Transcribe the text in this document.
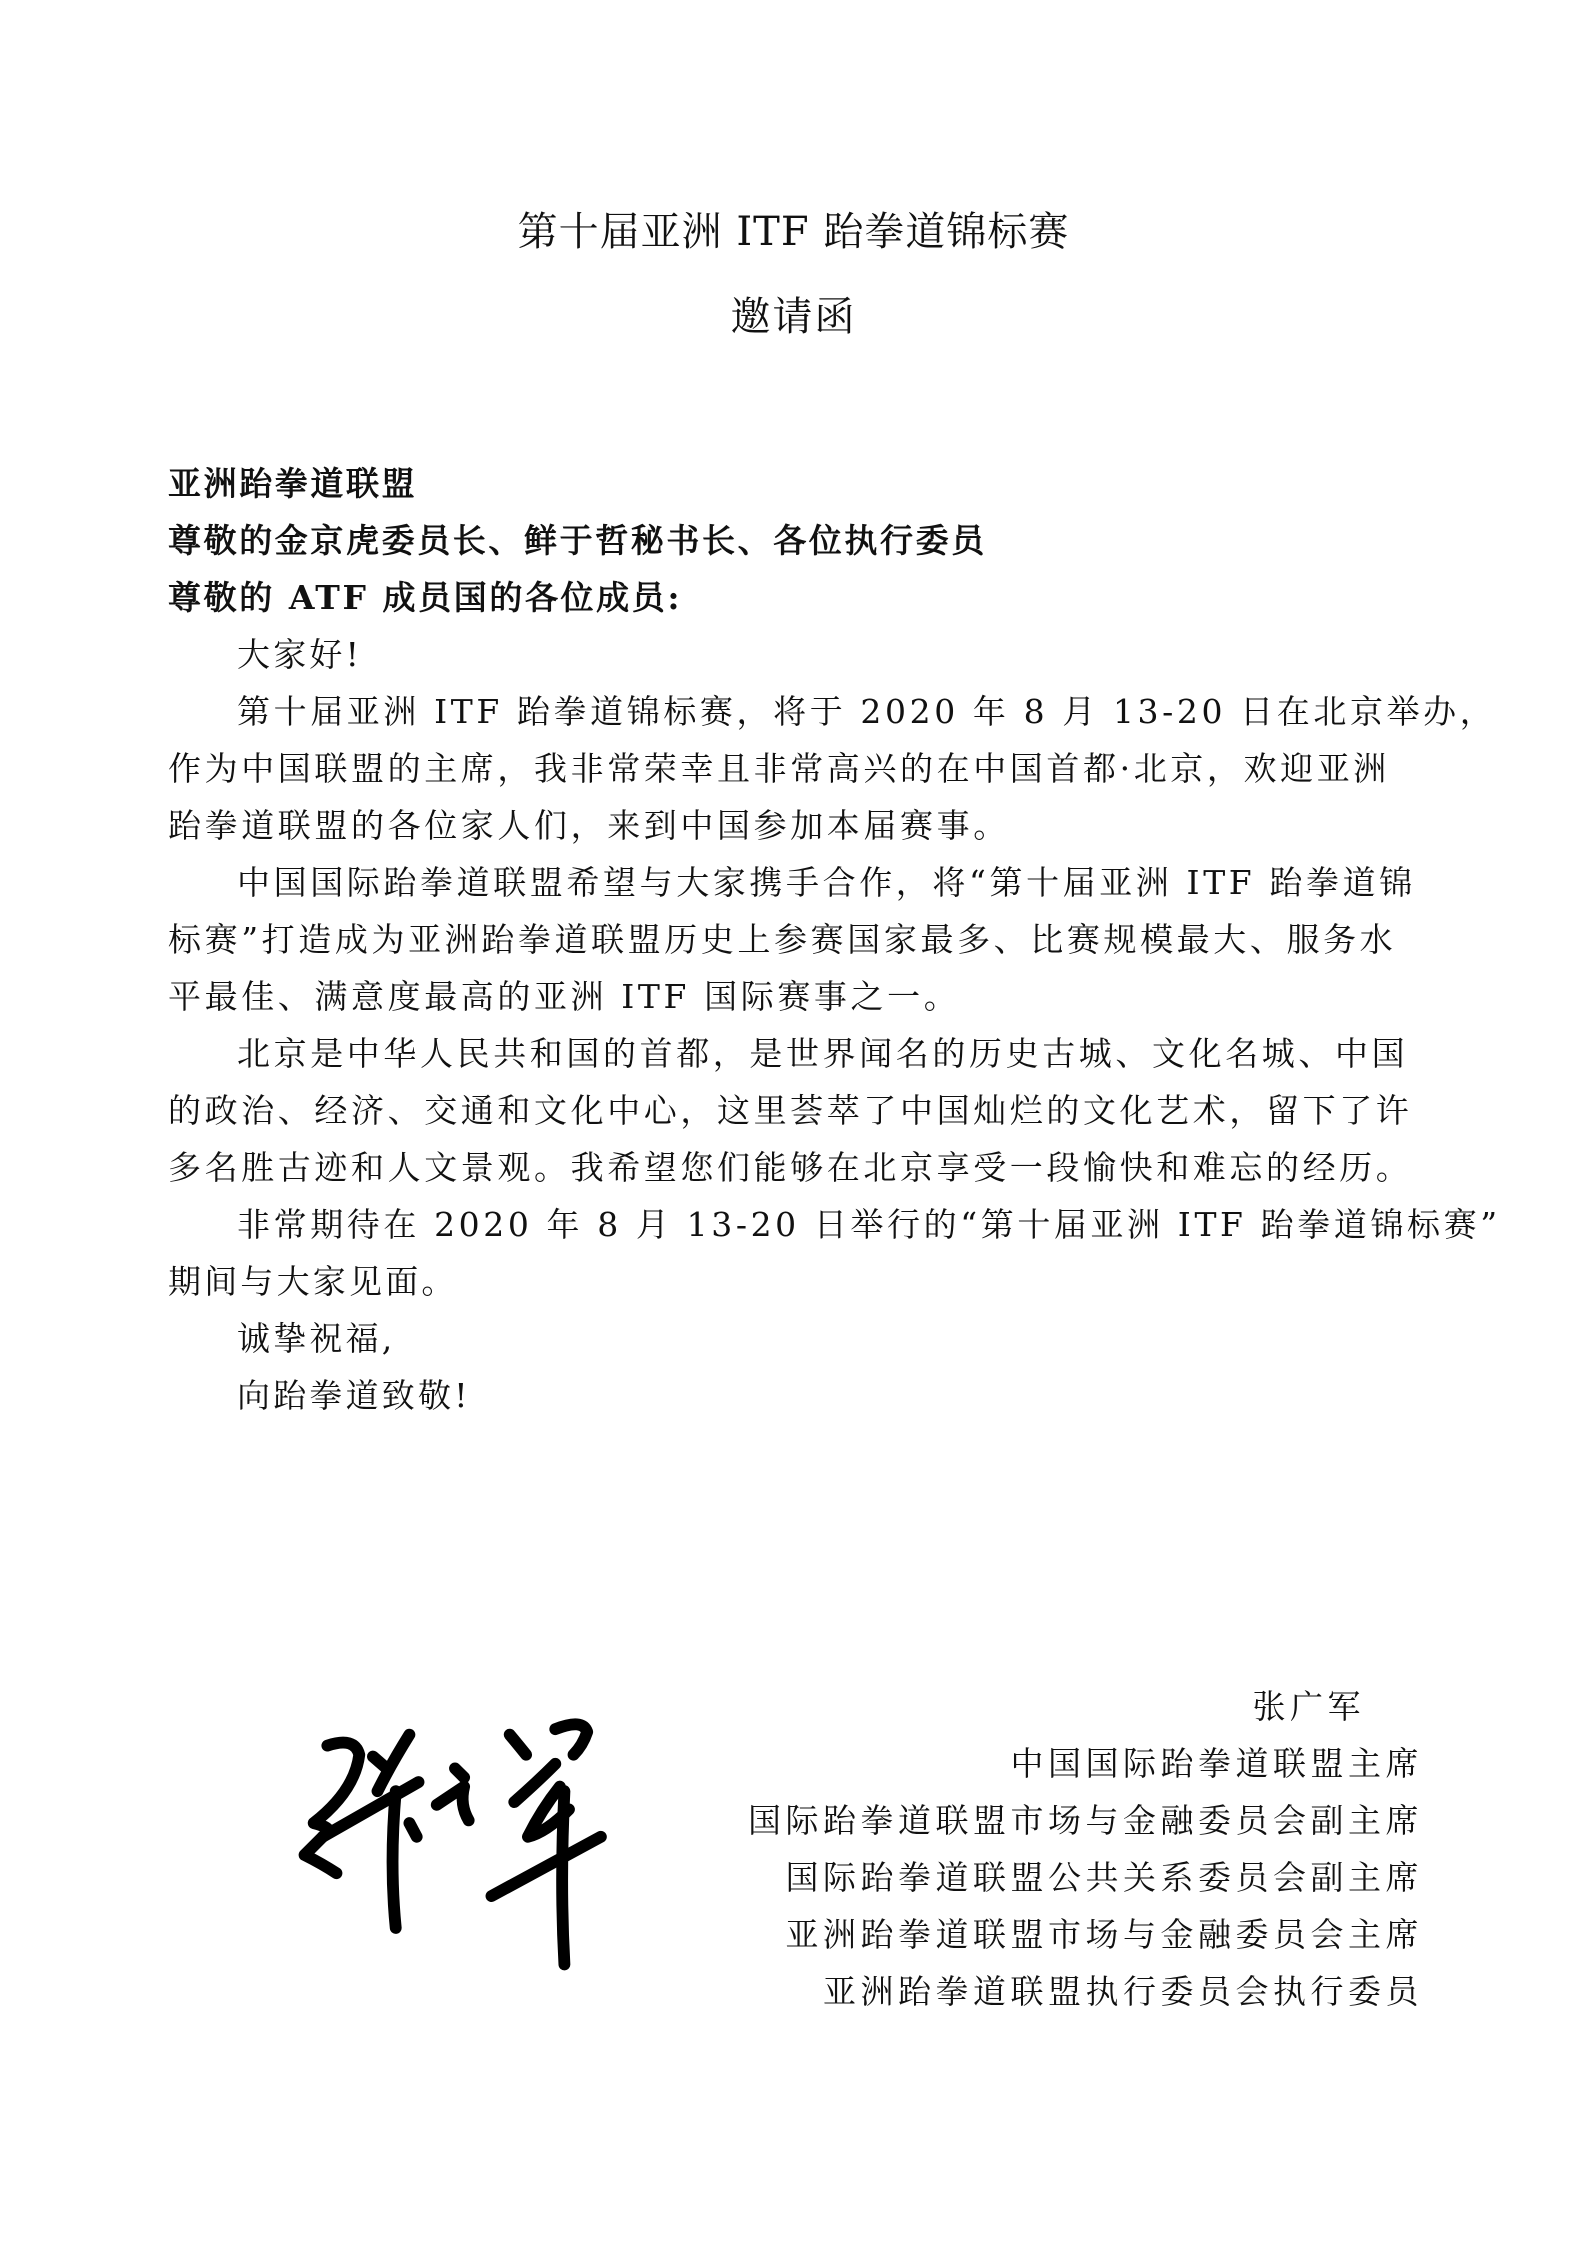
第十届亚洲 ITF 跆拳道锦标赛
邀请函
亚洲跆拳道联盟
尊敬的金京虎委员长、鲜于哲秘书长、各位执行委员
尊敬的 ATF 成员国的各位成员:
大家好!
第十届亚洲 ITF 跆拳道锦标赛，将于 2020 年 8 月 13-20 日在北京举办，
作为中国联盟的主席，我非常荣幸且非常高兴的在中国首都·北京，欢迎亚洲
跆拳道联盟的各位家人们，来到中国参加本届赛事。
中国国际跆拳道联盟希望与大家携手合作，将“第十届亚洲 ITF 跆拳道锦
标赛”打造成为亚洲跆拳道联盟历史上参赛国家最多、比赛规模最大、服务水
平最佳、满意度最高的亚洲 ITF 国际赛事之一。
北京是中华人民共和国的首都，是世界闻名的历史古城、文化名城、中国
的政治、经济、交通和文化中心，这里荟萃了中国灿烂的文化艺术，留下了许
多名胜古迹和人文景观。我希望您们能够在北京享受一段愉快和难忘的经历。
非常期待在 2020 年 8 月 13-20 日举行的“第十届亚洲 ITF 跆拳道锦标赛”
期间与大家见面。
诚挚祝福,
向跆拳道致敬!
张广军
中国国际跆拳道联盟主席
国际跆拳道联盟市场与金融委员会副主席
国际跆拳道联盟公共关系委员会副主席
亚洲跆拳道联盟市场与金融委员会主席
亚洲跆拳道联盟执行委员会执行委员
